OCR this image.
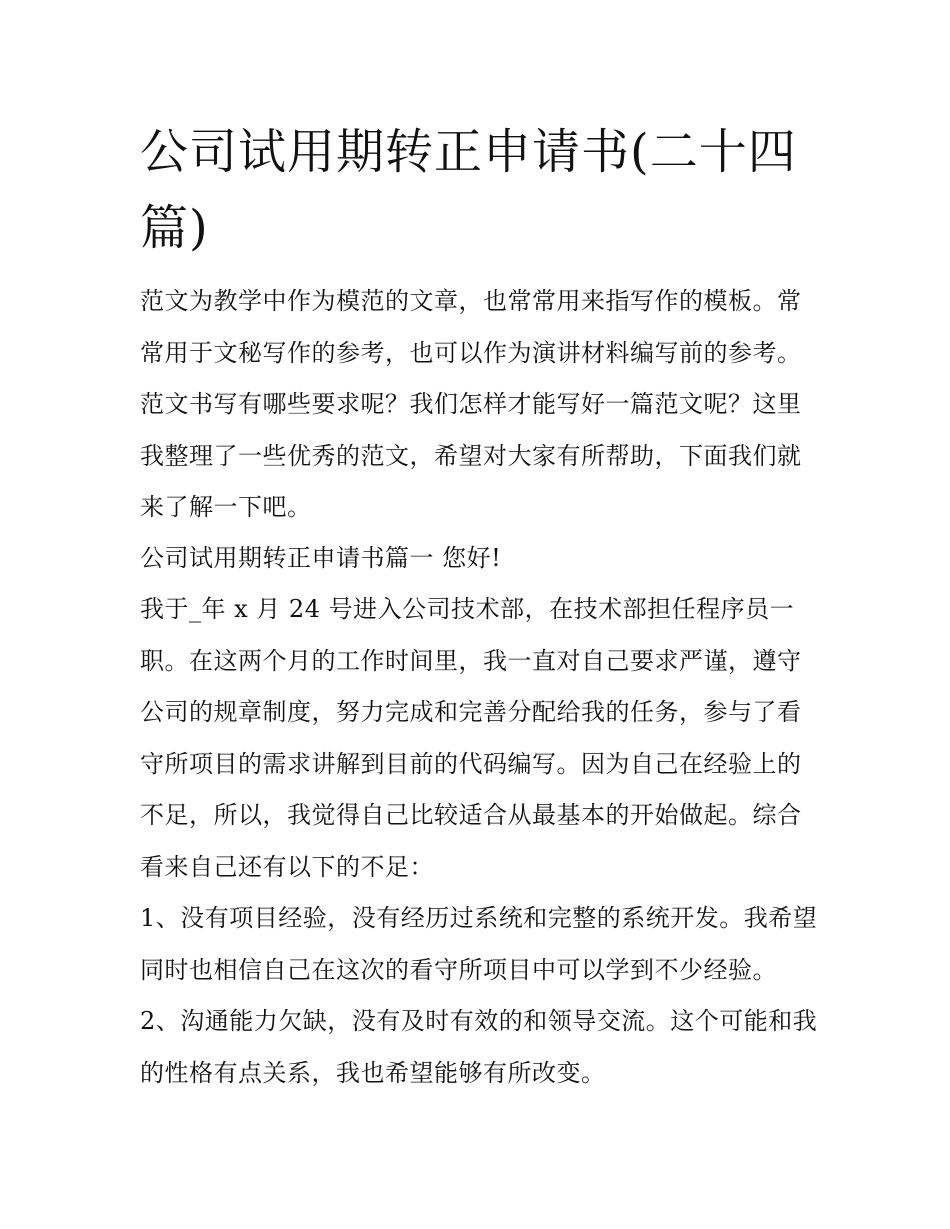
公司试用期转正申请书(二十四篇)

范文为教学中作为模范的文章，也常常用来指写作的模板。常常用于文秘写作的参考，也可以作为演讲材料编写前的参考。范文书写有哪些要求呢？我们怎样才能写好一篇范文呢？这里我整理了一些优秀的范文，希望对大家有所帮助，下面我们就来了解一下吧。

公司试用期转正申请书篇一 您好!

我于_年 x 月 24 号进入公司技术部，在技术部担任程序员一职。在这两个月的工作时间里，我一直对自己要求严谨，遵守公司的规章制度，努力完成和完善分配给我的任务，参与了看守所项目的需求讲解到目前的代码编写。因为自己在经验上的不足，所以，我觉得自己比较适合从最基本的开始做起。综合看来自己还有以下的不足：

1、没有项目经验，没有经历过系统和完整的系统开发。我希望同时也相信自己在这次的看守所项目中可以学到不少经验。

2、沟通能力欠缺，没有及时有效的和领导交流。这个可能和我的性格有点关系，我也希望能够有所改变。
